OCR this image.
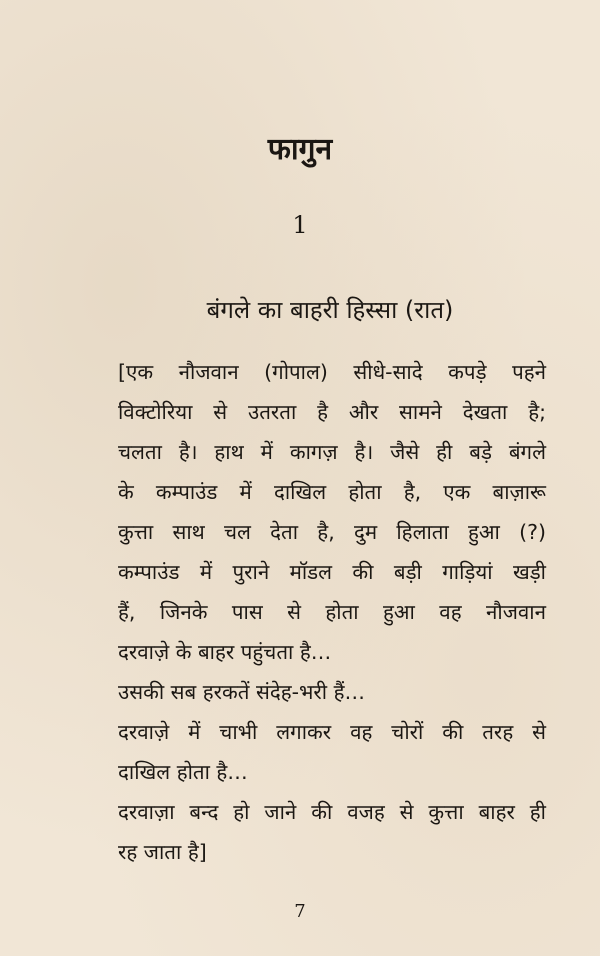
फागुन
1
बंगले का बाहरी हिस्सा (रात)
[एक नौजवान (गोपाल) सीधे-सादे कपड़े पहने
विक्टोरिया से उतरता है और सामने देखता है;
चलता है। हाथ में कागज़ है। जैसे ही बड़े बंगले
के कम्पाउंड में दाखिल होता है, एक बाज़ारू
कुत्ता साथ चल देता है, दुम हिलाता हुआ (?)
कम्पाउंड में पुराने मॉडल की बड़ी गाड़ियां खड़ी
हैं, जिनके पास से होता हुआ वह नौजवान
दरवाज़े के बाहर पहुंचता है…
उसकी सब हरकतें संदेह-भरी हैं…
दरवाज़े में चाभी लगाकर वह चोरों की तरह से
दाखिल होता है…
दरवाज़ा बन्द हो जाने की वजह से कुत्ता बाहर ही
रह जाता है]
7
